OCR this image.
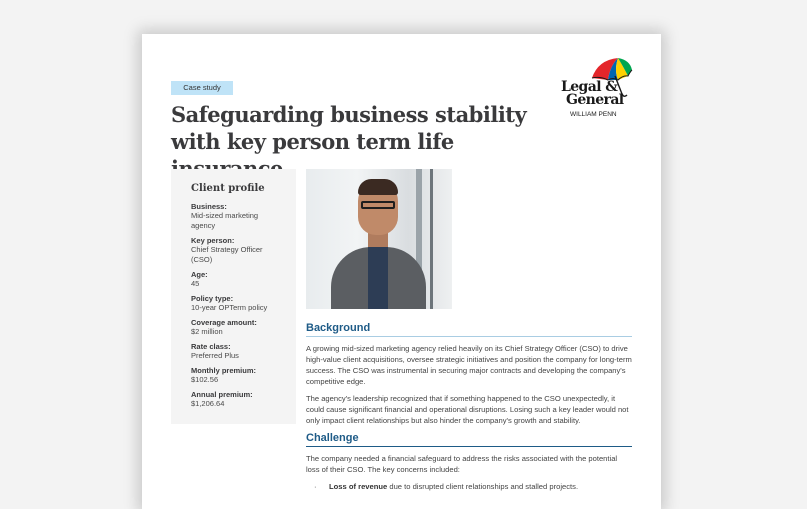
Case study
Safeguarding business stability
with key person term life
Legal &
General
WILLIAM PENN
Client profile
Business:
Mid-sized marketing agency
Key person:
Chief Strategy Officer (CSO)
Age:
45
Policy type:
10-year OPTerm policy
Coverage amount:
$2 million
Rate class:
Preferred Plus
Monthly premium:
$102.56
Annual premium:
$1,206.64
Background

A growing mid-sized marketing agency relied heavily on its Chief Strategy Officer (CSO) to drive high-value client acquisitions, oversee strategic initiatives and position the company for long-term success. The CSO was instrumental in securing major contracts and developing the company's competitive edge.

The agency's leadership recognized that if something happened to the CSO unexpectedly, it could cause significant financial and operational disruptions. Losing such a key leader would not only impact client relationships but also hinder the company's growth and stability.

Challenge

The company needed a financial safeguard to address the risks associated with the potential loss of their CSO. The key concerns included:

· Loss of revenue due to disrupted client relationships and stalled projects.
